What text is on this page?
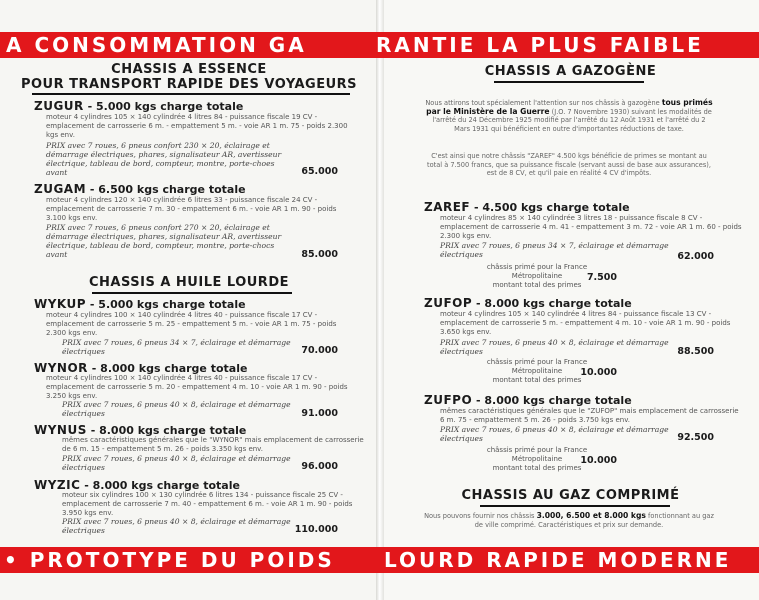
CHASSIS A ESSENCE
POUR TRANSPORT RAPIDE DES VOYAGEURS
ZUGUR - 5.000 kgs charge totale
moteur 4 cylindres 105 × 140 cylindrée 4 litres 84 - puissance fiscale 19 CV - emplacement de carrosserie 6 m. - empattement 5 m. - voie AR 1 m. 75 - poids 2.300 kgs env.
PRIX avec 7 roues, 6 pneus confort 230 × 20, éclairage et démarrage électriques, phares, signalisateur AR, avertisseur électrique, tableau de bord, compteur, montre, porte-choes avant	65.000
ZUGAM - 6.500 kgs charge totale
moteur 4 cylindres 120 × 140 cylindrée 6 litres 33 - puissance fiscale 24 CV - emplacement de carrosserie 7 m. 30 - empattement 6 m. - voie AR 1 m. 90 - poids 3.100 kgs env.
PRIX avec 7 roues, 6 pneus confort 270 × 20, éclairage et démarrage électriques, phares, signalisateur AR, avertisseur électrique, tableau de bord, compteur, montre, porte-chocs avant	85.000
CHASSIS A HUILE LOURDE
WYKUP - 5.000 kgs charge totale
moteur 4 cylindres 100 × 140 cylindrée 4 litres 40 - puissance fiscale 17 CV - emplacement de carrosserie 5 m. 25 - empattement 5 m. - voie AR 1 m. 75 - poids 2.300 kgs env.
PRIX avec 7 roues, 6 pneus 34 × 7, éclairage et démarrage électriques	70.000
WYNOR - 8.000 kgs charge totale
moteur 4 cylindres 100 × 140 cylindrée 4 litres 40 - puissance fiscale 17 CV - emplacement de carrosserie 5 m. 20 - empattement 4 m. 10 - voie AR 1 m. 90 - poids 3.250 kgs env.
PRIX avec 7 roues, 6 pneus 40 × 8, éclairage et démarrage électriques	91.000
WYNUS - 8.000 kgs charge totale
mêmes caractéristiques générales que le "WYNOR" mais emplacement de carrosserie de 6 m. 15 - empattement 5 m. 26 - poids 3.350 kgs env.
PRIX avec 7 roues, 6 pneus 40 × 8, éclairage et démarrage électriques	96.000
WYZIC - 8.000 kgs charge totale
moteur six cylindres 100 × 130 cylindrée 6 litres 134 - puissance fiscale 25 CV - emplacement de carrosserie 7 m. 40 - empattement 6 m. - voie AR 1 m. 90 - poids 3.950 kgs env.
PRIX avec 7 roues, 6 pneus 40 × 8, éclairage et démarrage électriques	110.000
CHASSIS A GAZOGÈNE
Nous attirons tout spécialement l'attention sur nos châssis à gazogène tous primés par le Ministère de la Guerre (J.O. 7 Novembre 1930) suivant les modalités de l'arrêté du 24 Décembre 1925 modifié par l'arrêté du 12 Août 1931 et l'arrêté du 2 Mars 1931 qui bénéficient en outre d'importantes réductions de taxe.
C'est ainsi que notre châssis "ZAREF" 4.500 kgs bénéficie de primes se montant au total à 7.500 francs, que sa puissance fiscale (servant aussi de base aux assurances), est de 8 CV, et qu'il paie en réalité 4 CV d'impôts.
ZAREF - 4.500 kgs charge totale
moteur 4 cylindres 85 × 140 cylindrée 3 litres 18 - puissance fiscale 8 CV - emplacement de carrosserie 4 m. 41 - empattement 3 m. 72 - voie AR 1 m. 60 - poids 2.300 kgs env.
PRIX avec 7 roues, 6 pneus 34 × 7, éclairage et démarrage électriques	62.000
châssis primé pour la France Métropolitaine
montant total des primes
7.500
ZUFOP - 8.000 kgs charge totale
moteur 4 cylindres 105 × 140 cylindrée 4 litres 84 - puissance fiscale 13 CV - emplacement de carrosserie 5 m. - empattement 4 m. 10 - voie AR 1 m. 90 - poids 3.650 kgs env.
PRIX avec 7 roues, 6 pneus 40 × 8, éclairage et démarrage électriques	88.500
châssis primé pour la France Métropolitaine
montant total des primes
10.000
ZUFPO - 8.000 kgs charge totale
mêmes caractéristiques générales que le "ZUFOP" mais emplacement de carrosserie 6 m. 75 - empattement 5 m. 26 - poids 3.750 kgs env.
PRIX avec 7 roues, 6 pneus 40 × 8, éclairage et démarrage électriques	92.500
châssis primé pour la France Métropolitaine
montant total des primes
10.000
CHASSIS AU GAZ COMPRIMÉ
Nous pouvons fournir nos châssis 3.000, 6.500 et 8.000 kgs fonctionnant au gaz de ville comprimé. Caractéristiques et prix sur demande.
A CONSOMMATION GA	RANTIE LA PLUS FAIBLE
• PROTOTYPE DU POIDS LOURD RAPIDE MODERNE
